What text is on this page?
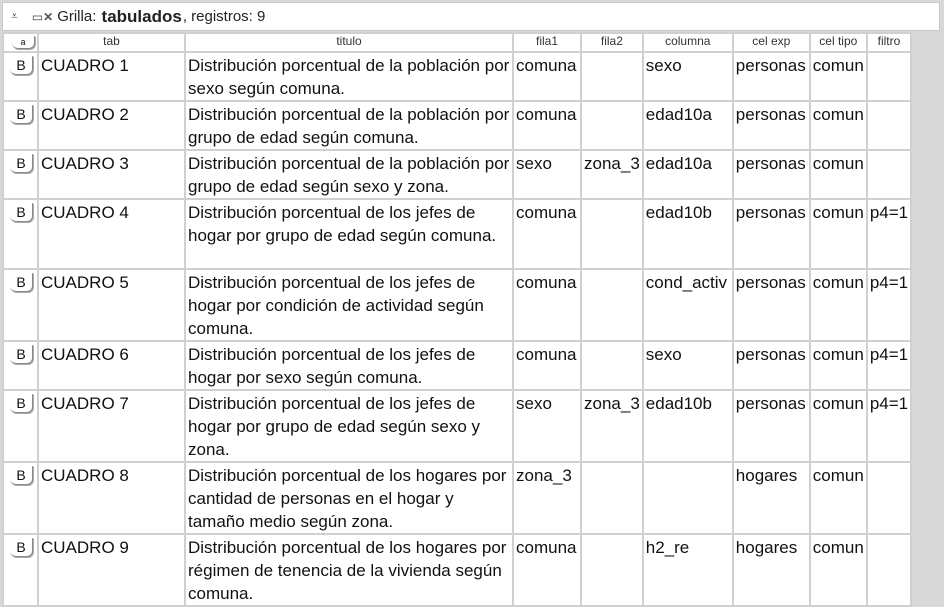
⩡ ▭ ✕ Grilla:
tabulados , registros: 9
a	tab	titulo	fila1	fila2	columna	cel exp	cel tipo	filtro
B	CUADRO 1	Distribución porcentual de la población por sexo según comuna.	comuna		sexo	personas	comun	
B	CUADRO 2	Distribución porcentual de la población por grupo de edad según comuna.	comuna		edad10a	personas	comun	
B	CUADRO 3	Distribución porcentual de la población por grupo de edad según sexo y zona.	sexo	zona_3	edad10a	personas	comun	
B	CUADRO 4	Distribución porcentual de los jefes de hogar por grupo de edad según comuna.	comuna		edad10b	personas	comun	p4=1
B	CUADRO 5	Distribución porcentual de los jefes de hogar por condición de actividad según comuna.	comuna		cond_activ	personas	comun	p4=1
B	CUADRO 6	Distribución porcentual de los jefes de hogar por sexo según comuna.	comuna		sexo	personas	comun	p4=1
B	CUADRO 7	Distribución porcentual de los jefes de hogar por grupo de edad según sexo y zona.	sexo	zona_3	edad10b	personas	comun	p4=1
B	CUADRO 8	Distribución porcentual de los hogares por cantidad de personas en el hogar y tamaño medio según zona.	zona_3			hogares	comun	
B	CUADRO 9	Distribución porcentual de los hogares por régimen de tenencia de la vivienda según comuna.	comuna		h2_re	hogares	comun	
